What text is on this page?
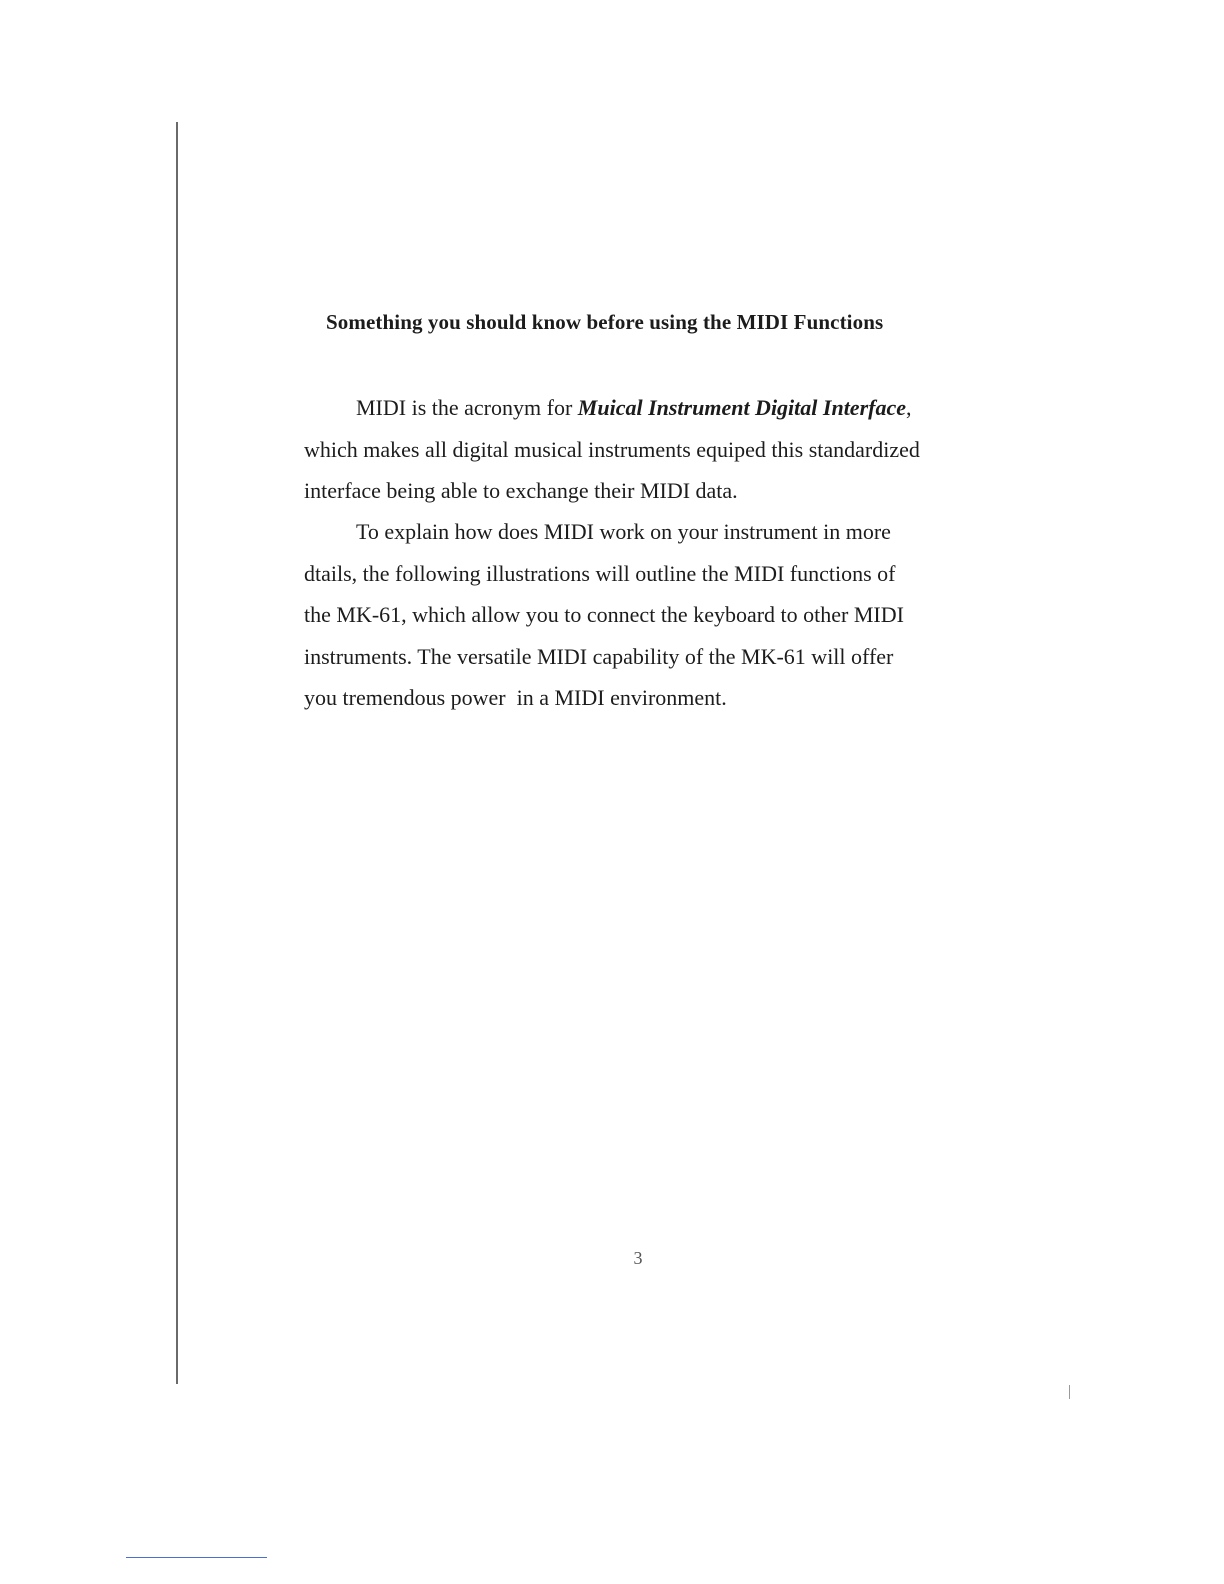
Something you should know before using the MIDI Functions

MIDI is the acronym for Muical Instrument Digital Interface,
which makes all digital musical instruments equiped this standardized
interface being able to exchange their MIDI data.

To explain how does MIDI work on your instrument in more
dtails, the following illustrations will outline the MIDI functions of
the MK-61, which allow you to connect the keyboard to other MIDI
instruments. The versatile MIDI capability of the MK-61 will offer
you tremendous power  in a MIDI environment.

3
